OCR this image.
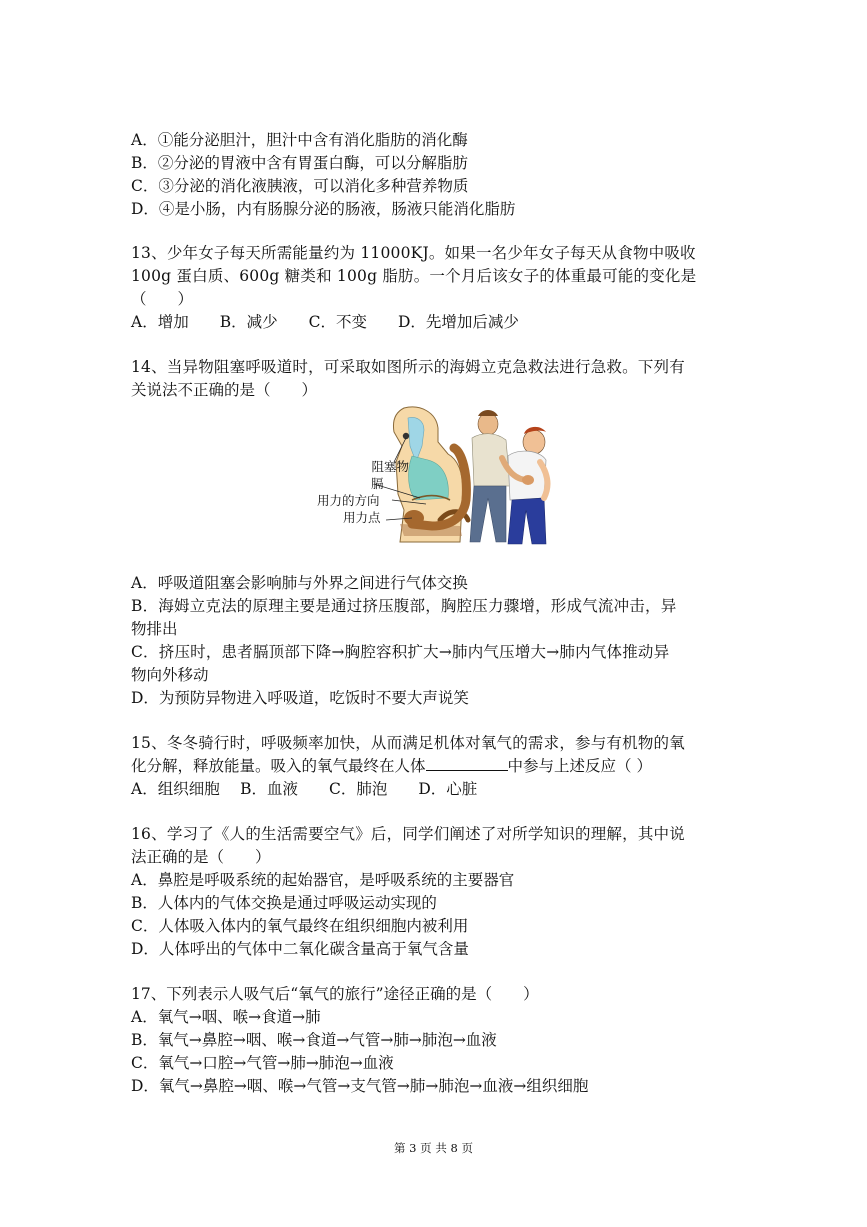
A．①能分泌胆汁，胆汁中含有消化脂肪的消化酶
B．②分泌的胃液中含有胃蛋白酶，可以分解脂肪
C．③分泌的消化液胰液，可以消化多种营养物质
D．④是小肠，内有肠腺分泌的肠液，肠液只能消化脂肪
13、少年女子每天所需能量约为 11000KJ。如果一名少年女子每天从食物中吸收
100g 蛋白质、600g 糖类和 100g 脂肪。一个月后该女子的体重最可能的变化是
（　　）
A．增加　　B．减少　　C．不变　　D．先增加后减少
14、当异物阻塞呼吸道时，可采取如图所示的海姆立克急救法进行急救。下列有
关说法不正确的是（　　）
阻塞物
膈
用力的方向
用力点
A．呼吸道阻塞会影响肺与外界之间进行气体交换
B．海姆立克法的原理主要是通过挤压腹部，胸腔压力骤增，形成气流冲击，异
物排出
C．挤压时，患者膈顶部下降→胸腔容积扩大→肺内气压增大→肺内气体推动异
物向外移动
D．为预防异物进入呼吸道，吃饭时不要大声说笑
15、冬冬骑行时，呼吸频率加快，从而满足机体对氧气的需求，参与有机物的氧
化分解，释放能量。吸入的氧气最终在人体	中参与上述反应（ ）
A．组织细胞　 B．血液　　C．肺泡　　D．心脏
16、学习了《人的生活需要空气》后，同学们阐述了对所学知识的理解，其中说
法正确的是（　　）
A．鼻腔是呼吸系统的起始器官，是呼吸系统的主要器官
B．人体内的气体交换是通过呼吸运动实现的
C．人体吸入体内的氧气最终在组织细胞内被利用
D．人体呼出的气体中二氧化碳含量高于氧气含量
17、下列表示人吸气后“氧气的旅行”途径正确的是（　　）
A．氧气→咽、喉→食道→肺
B．氧气→鼻腔→咽、喉→食道→气管→肺→肺泡→血液
C．氧气→口腔→气管→肺→肺泡→血液
D．氧气→鼻腔→咽、喉→气管→支气管→肺→肺泡→血液→组织细胞
第 3 页 共 8 页
